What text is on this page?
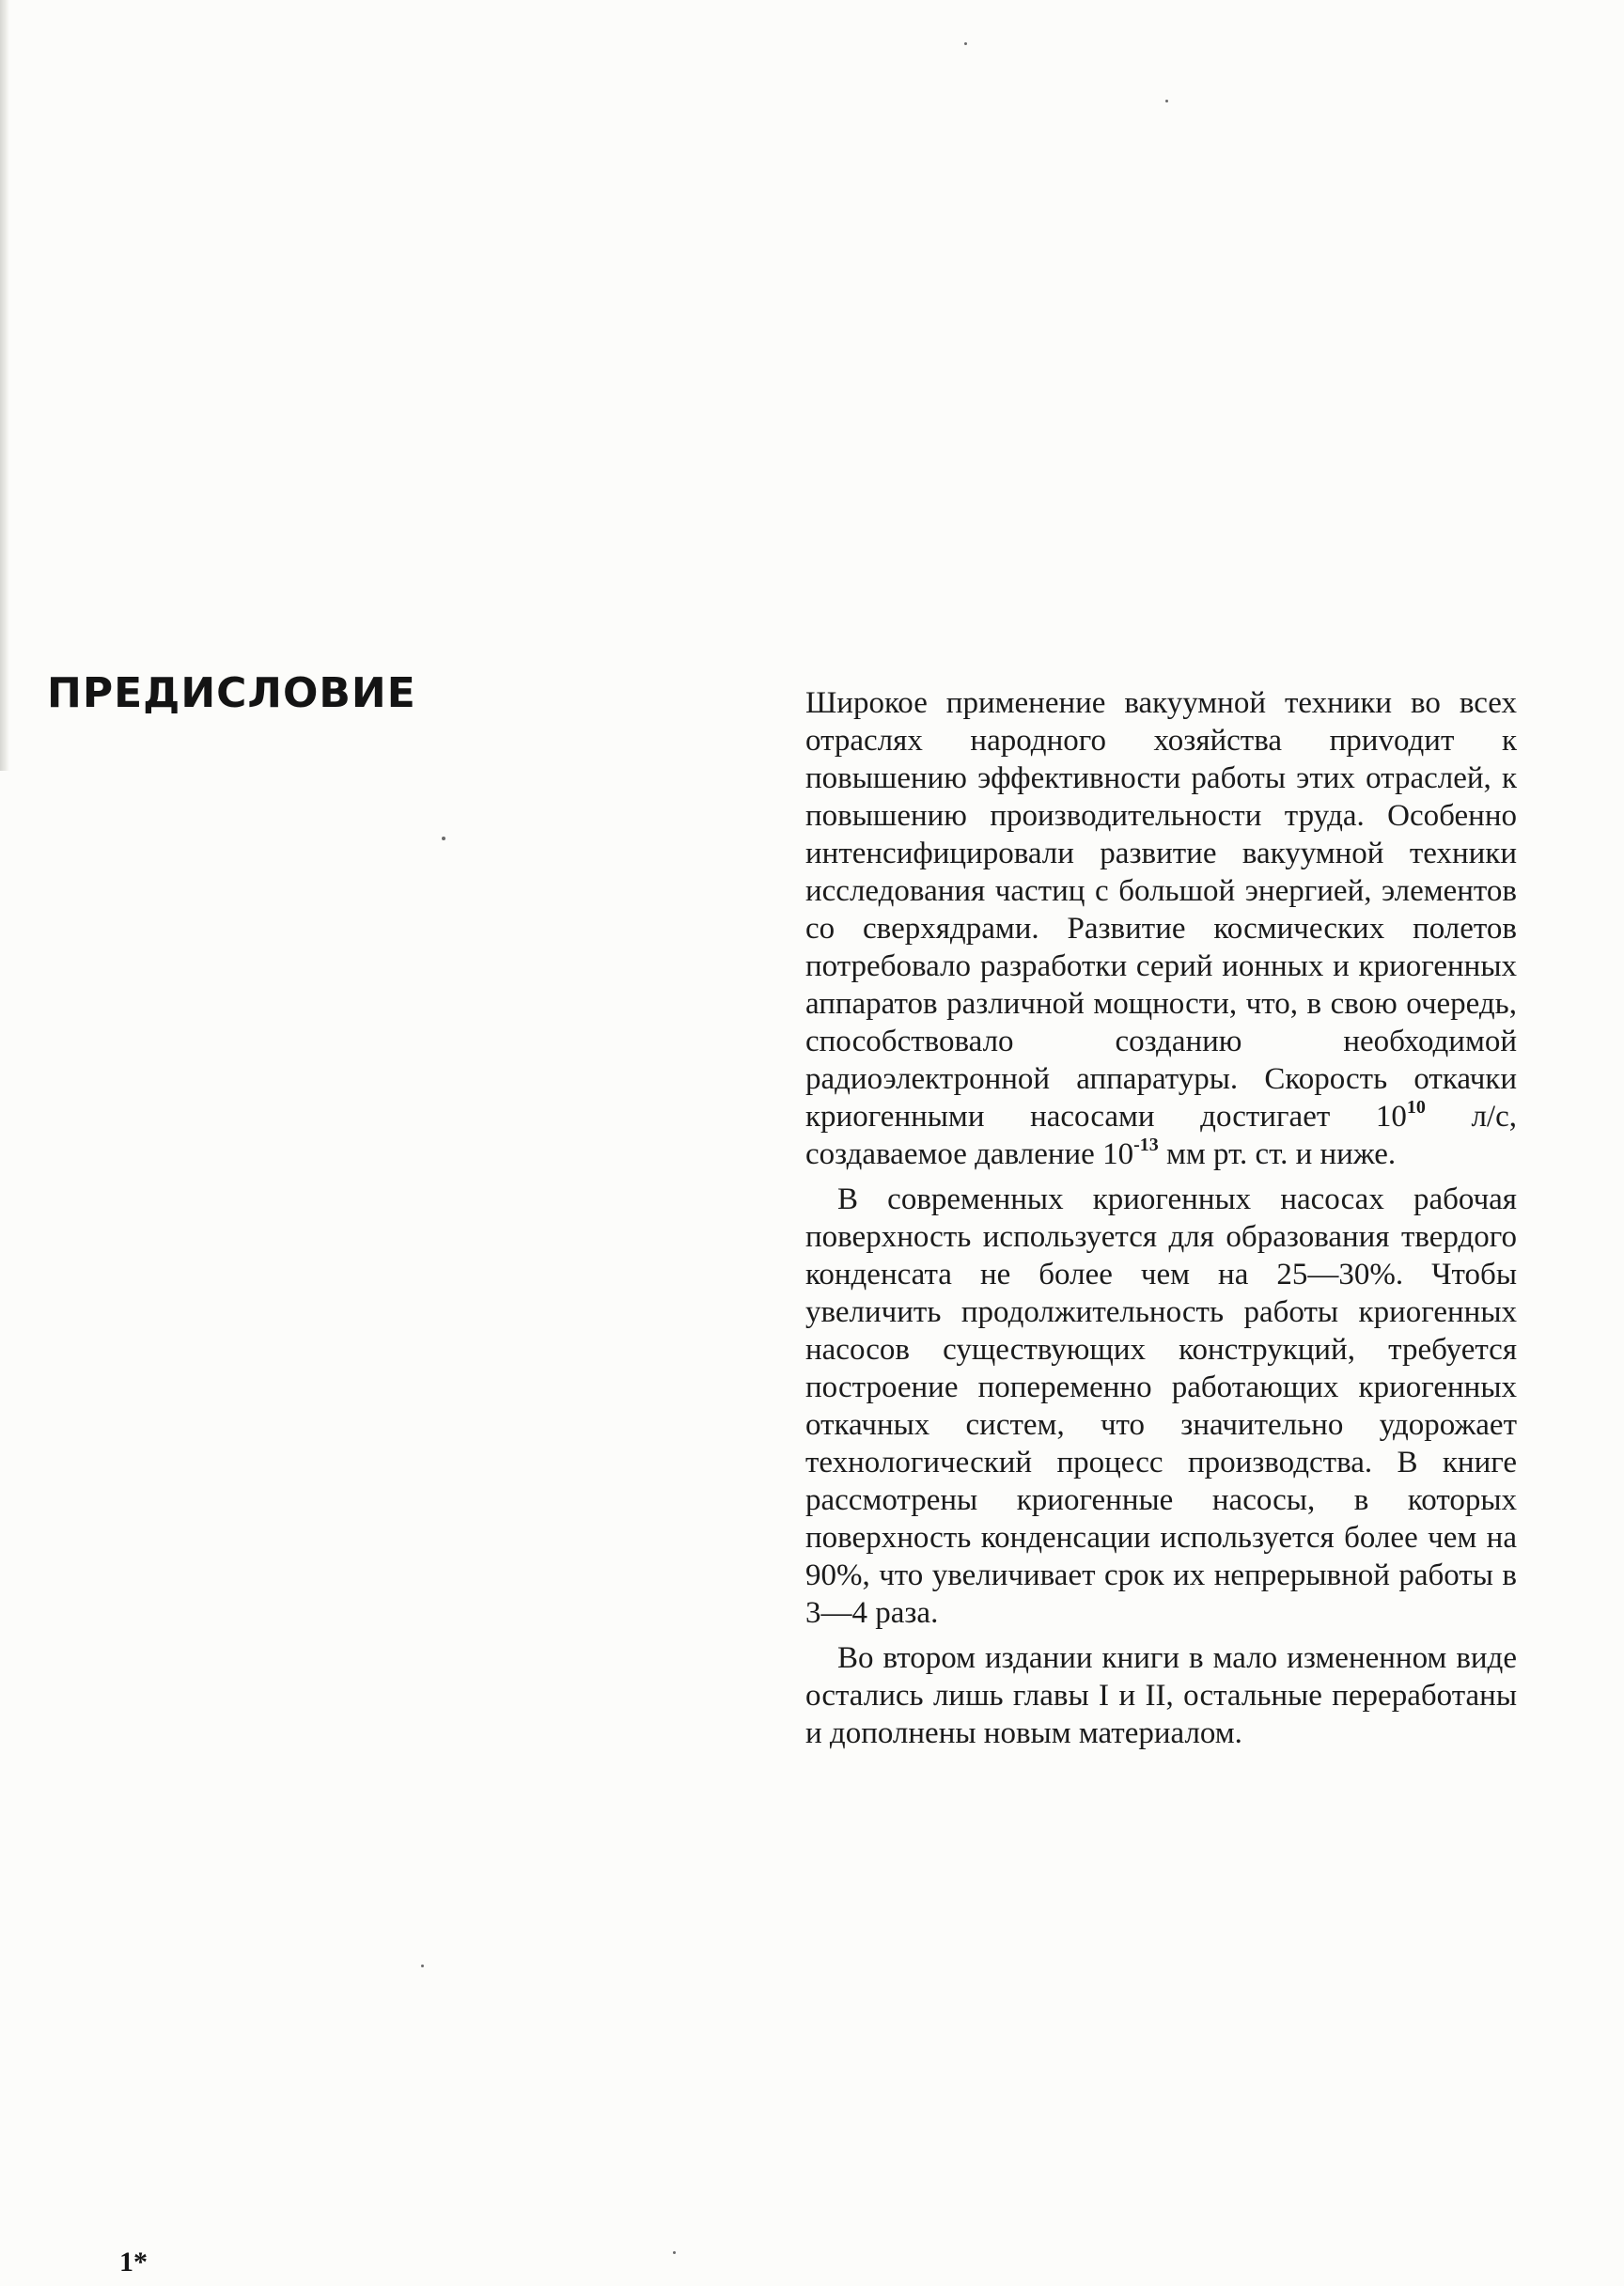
ПРЕДИСЛОВИЕ	Широкое применение вакуумной техники во всех отраслях народного хозяйства приvодит к повышению эффективности работы этих отраслей, к повышению производительности труда. Особенно интенсифицировали развитие вакуумной техники исследования частиц с большой энергией, элементов со сверхядрами. Развитие космических полетов потребовало разработки серий ионных и криогенных аппаратов различной мощности, что, в свою очередь, способствовало созданию необходимой радиоэлектронной аппаратуры. Скорость откачки криогенными насосами достигает $10^{10}$ л/с, создаваемое давление $10^{-13}$ мм рт. ст. и ниже.

В современных криогенных насосах рабочая поверхность используется для образования твердого конденсата не более чем на 25—30%. Чтобы увеличить продолжительность работы криогенных насосов существующих конструкций, требуется построение попеременно работающих криогенных откачных систем, что значительно удорожает технологический процесс производства. В книге рассмотрены криогенные насосы, в которых поверхность конденсации используется более чем на 90%, что увеличивает срок их непрерывной работы в 3—4 раза.

Во втором издании книги в мало измененном виде остались лишь главы I и II, остальные переработаны и дополнены новым материалом.

1*
